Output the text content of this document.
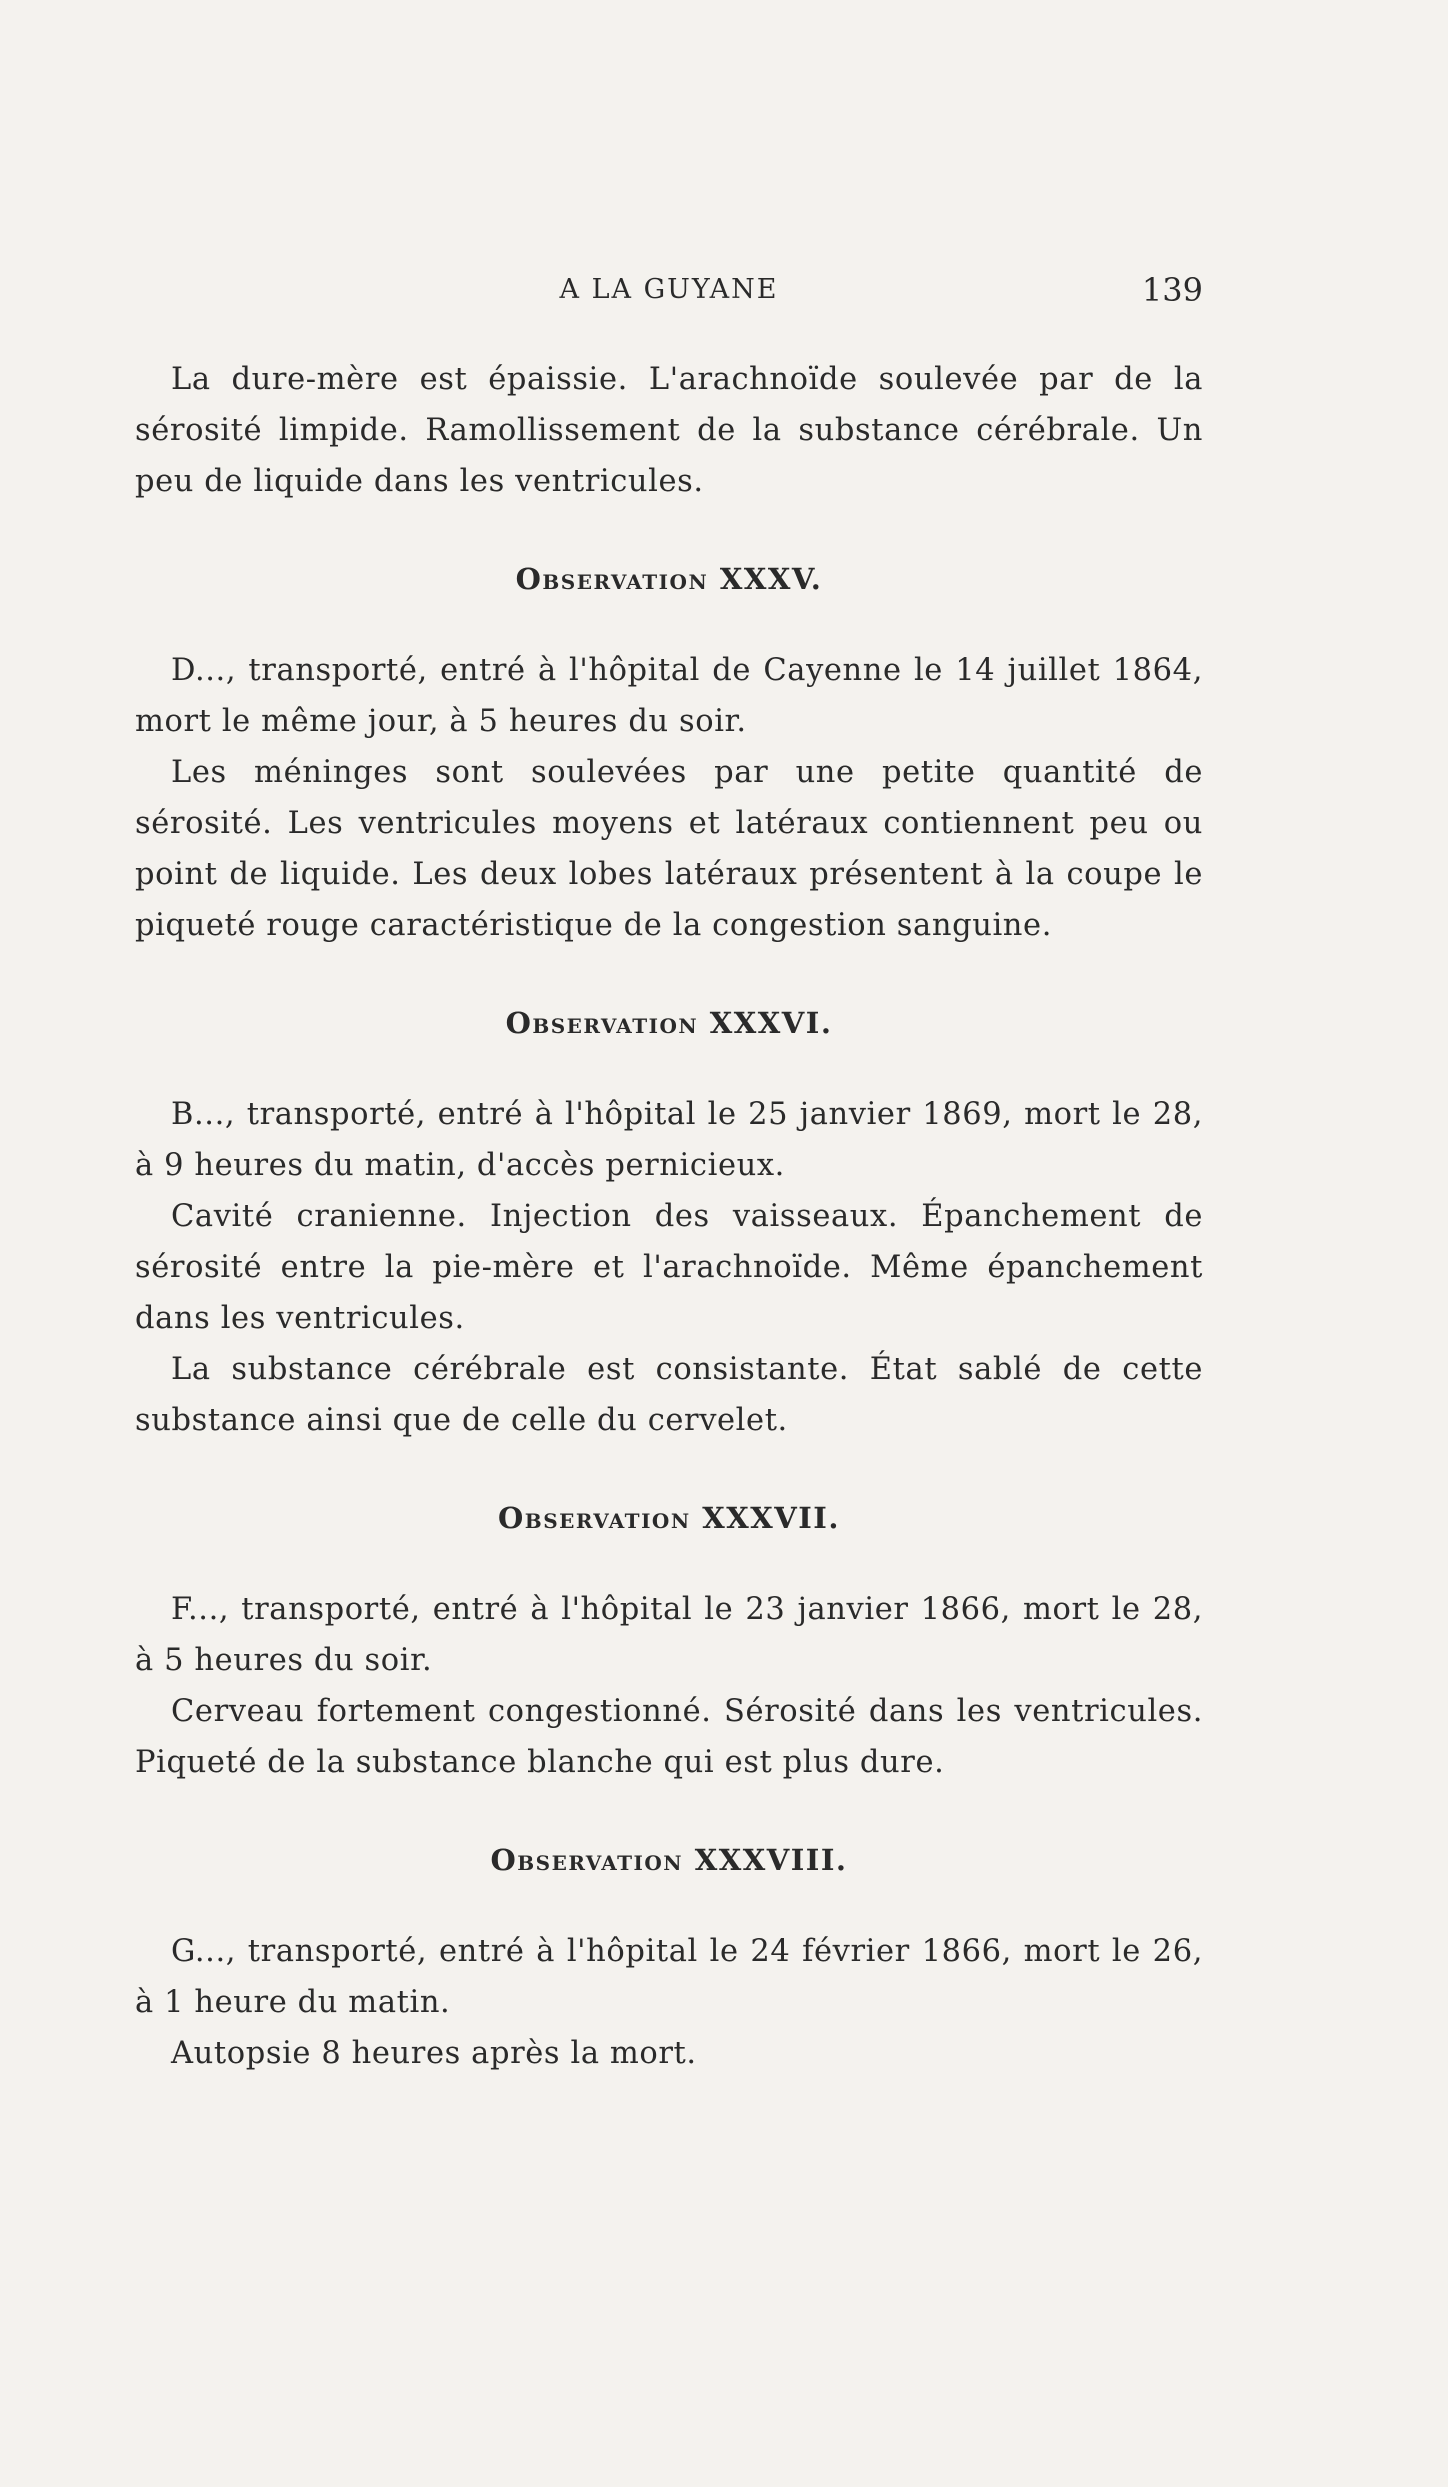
A LA GUYANE	139

La dure-mère est épaissie. L'arachnoïde soulevée par de la sérosité limpide. Ramollissement de la substance cérébrale. Un peu de liquide dans les ventricules.

Observation XXXV.

D..., transporté, entré à l'hôpital de Cayenne le 14 juillet 1864, mort le même jour, à 5 heures du soir.

Les méninges sont soulevées par une petite quantité de sérosité. Les ventricules moyens et latéraux contiennent peu ou point de liquide. Les deux lobes latéraux présentent à la coupe le piqueté rouge caractéristique de la congestion sanguine.

Observation XXXVI.

B..., transporté, entré à l'hôpital le 25 janvier 1869, mort le 28, à 9 heures du matin, d'accès pernicieux.

Cavité cranienne. Injection des vaisseaux. Épanchement de sérosité entre la pie-mère et l'arachnoïde. Même épanchement dans les ventricules.

La substance cérébrale est consistante. État sablé de cette substance ainsi que de celle du cervelet.

Observation XXXVII.

F..., transporté, entré à l'hôpital le 23 janvier 1866, mort le 28, à 5 heures du soir.

Cerveau fortement congestionné. Sérosité dans les ventricules. Piqueté de la substance blanche qui est plus dure.

Observation XXXVIII.

G..., transporté, entré à l'hôpital le 24 février 1866, mort le 26, à 1 heure du matin.

Autopsie 8 heures après la mort.
